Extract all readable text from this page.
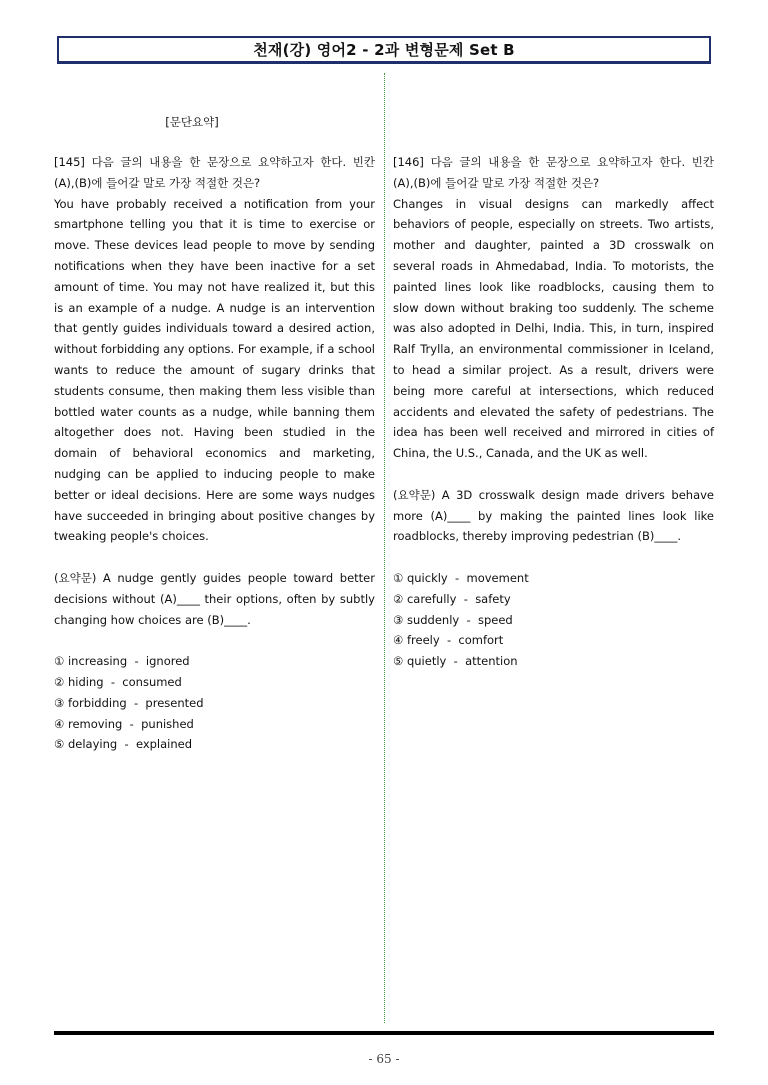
천재(강) 영어2 - 2과 변형문제 Set B
[문단요약]

[145] 다음 글의 내용을 한 문장으로 요약하고자 한다. 빈칸 (A),(B)에 들어갈 말로 가장 적절한 것은?

You have probably received a notification from your smartphone telling you that it is time to exercise or move. These devices lead people to move by sending notifications when they have been inactive for a set amount of time. You may not have realized it, but this is an example of a nudge. A nudge is an intervention that gently guides individuals toward a desired action, without forbidding any options. For example, if a school wants to reduce the amount of sugary drinks that students consume, then making them less visible than bottled water counts as a nudge, while banning them altogether does not. Having been studied in the domain of behavioral economics and marketing, nudging can be applied to inducing people to make better or ideal decisions. Here are some ways nudges have succeeded in bringing about positive changes by tweaking people's choices.

(요약문) A nudge gently guides people toward better decisions without (A)____ their options, often by subtly changing how choices are (B)____.

① increasing  -  ignored
② hiding  -  consumed
③ forbidding  -  presented
④ removing  -  punished
⑤ delaying  -  explained

[146] 다음 글의 내용을 한 문장으로 요약하고자 한다. 빈칸 (A),(B)에 들어갈 말로 가장 적절한 것은?

Changes in visual designs can markedly affect behaviors of people, especially on streets. Two artists, mother and daughter, painted a 3D crosswalk on several roads in Ahmedabad, India. To motorists, the painted lines look like roadblocks, causing them to slow down without braking too suddenly. The scheme was also adopted in Delhi, India. This, in turn, inspired Ralf Trylla, an environmental commissioner in Iceland, to head a similar project. As a result, drivers were being more careful at intersections, which reduced accidents and elevated the safety of pedestrians. The idea has been well received and mirrored in cities of China, the U.S., Canada, and the UK as well.

(요약문) A 3D crosswalk design made drivers behave more (A)____ by making the painted lines look like roadblocks, thereby improving pedestrian (B)____.

① quickly  -  movement
② carefully  -  safety
③ suddenly  -  speed
④ freely  -  comfort
⑤ quietly  -  attention
- 65 -
